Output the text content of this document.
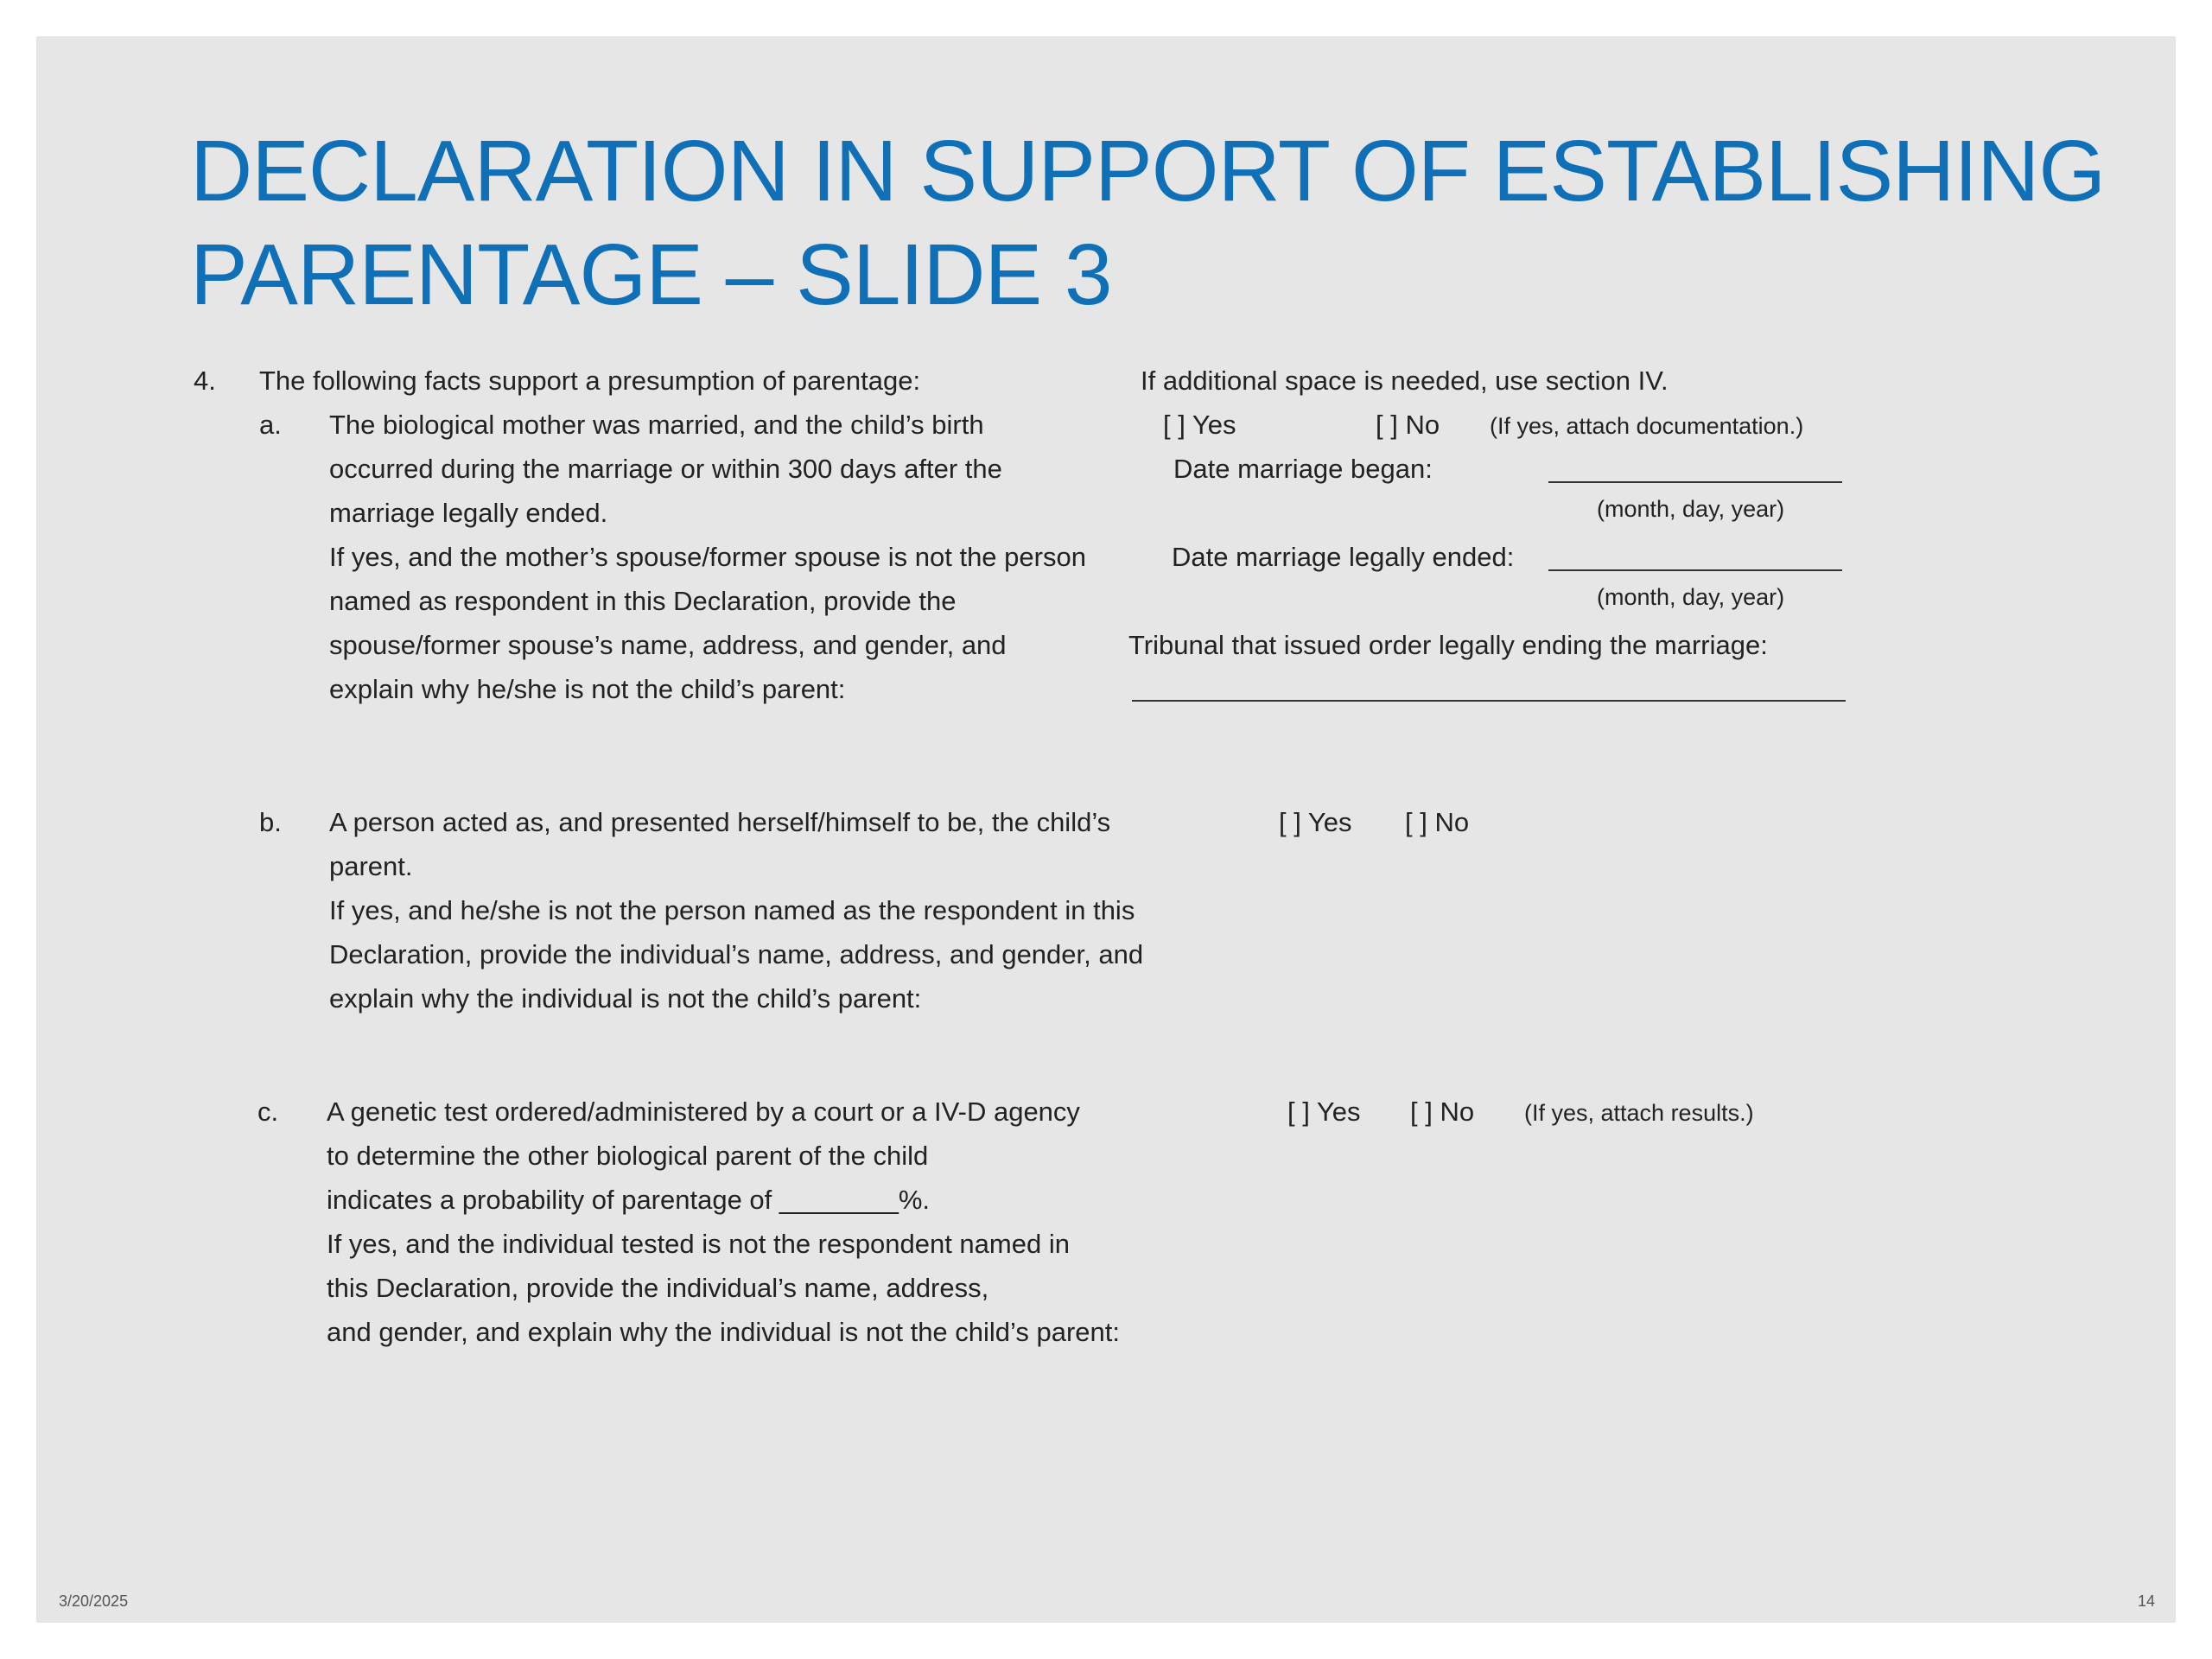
DECLARATION IN SUPPORT OF ESTABLISHING
PARENTAGE – SLIDE 3
4. The following facts support a presumption of parentage:	If additional space is needed, use section IV.
a. The biological mother was married, and the child’s birth
occurred during the marriage or within 300 days after the
marriage legally ended.
If yes, and the mother’s spouse/former spouse is not the person
named as respondent in this Declaration, provide the
spouse/former spouse’s name, address, and gender, and
explain why he/she is not the child’s parent:
[ ] Yes	[ ] No (If yes, attach documentation.)
Date marriage began:
(month, day, year)
Date marriage legally ended:
(month, day, year)
Tribunal that issued order legally ending the marriage:
b. A person acted as, and presented herself/himself to be, the child’s
parent.
If yes, and he/she is not the person named as the respondent in this
Declaration, provide the individual’s name, address, and gender, and
explain why the individual is not the child’s parent:
[ ] Yes [ ] No
c. A genetic test ordered/administered by a court or a IV-D agency
to determine the other biological parent of the child
indicates a probability of parentage of ________%.
If yes, and the individual tested is not the respondent named in
this Declaration, provide the individual’s name, address,
and gender, and explain why the individual is not the child’s parent:
[ ] Yes [ ] No (If yes, attach results.)
3/20/2025	14
